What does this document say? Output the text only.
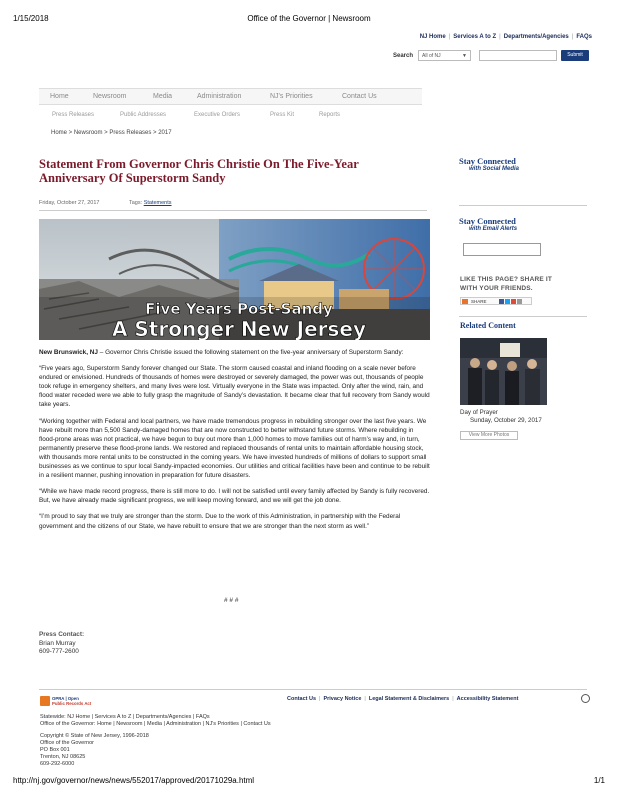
1/15/2018	Office of the Governor | Newsroom
NJ Home | Services A to Z | Departments/Agencies | FAQs
Search	All of NJ	▼	Submit
Home	Newsroom	Media	Administration	NJ's Priorities	Contact Us
Press Releases	Public Addresses	Executive Orders	Press Kit	Reports
Home > Newsroom > Press Releases > 2017
Statement From Governor Chris Christie On The Five-Year Anniversary Of Superstorm Sandy
Friday, October 27, 2017	Tags: Statements
Five Years Post-Sandy
A Stronger New Jersey

New Brunswick, NJ – Governor Chris Christie issued the following statement on the five-year anniversary of Superstorm Sandy:

“Five years ago, Superstorm Sandy forever changed our State. The storm caused coastal and inland flooding on a scale never before endured or envisioned. Hundreds of thousands of homes were destroyed or severely damaged, the power was out, thousands of people took refuge in emergency shelters, and many lives were lost. Virtually everyone in the State was impacted. Only after the wind, rain, and flood water receded were we able to fully grasp the magnitude of Sandy’s devastation. It became clear that full recovery from Sandy would take years.

“Working together with Federal and local partners, we have made tremendous progress in rebuilding stronger over the last five years. We have rebuilt more than 5,500 Sandy-damaged homes that are now constructed to better withstand future storms. Where rebuilding in flood-prone areas was not practical, we have begun to buy out more than 1,000 homes to move families out of harm’s way and, in turn, permanently preserve these flood-prone lands. We restored and replaced thousands of rental units to maintain affordable housing stock, with thousands more rental units to be constructed in the coming years. We have invested hundreds of millions of dollars to support small businesses as we continue to spur local Sandy-impacted economies. Our utilities and critical facilities have been and continue to be rebuilt in a resilient manner, pushing innovation in preparation for future disasters.

“While we have made record progress, there is still more to do. I will not be satisfied until every family affected by Sandy is fully recovered. But, we have already made significant progress, we will keep moving forward, and we will get the job done.

“I’m proud to say that we truly are stronger than the storm. Due to the work of this Administration, in partnership with the Federal government and the citizens of our State, we have rebuilt to ensure that we are stronger than the next storm as well.”

# # #
Press Contact:
Brian Murray
609-777-2600
Stay Connected
with Social Media
Stay Connected
with Email Alerts
LIKE THIS PAGE? SHARE IT
WITH YOUR FRIENDS.
SHARE
Related Content
Day of Prayer
Sunday, October 29, 2017
View More Photos
OPRA | Open
Public Records Act
Contact Us | Privacy Notice | Legal Statement & Disclaimers | Accessibility Statement
Statewide: NJ Home | Services A to Z | Departments/Agencies | FAQs
Office of the Governor: Home | Newsroom | Media | Administration | NJ's Priorities | Contact Us
Copyright © State of New Jersey, 1996-2018
Office of the Governor
PO Box 001
Trenton, NJ 08625
609-292-6000
http://nj.gov/governor/news/news/552017/approved/20171029a.html	1/1
